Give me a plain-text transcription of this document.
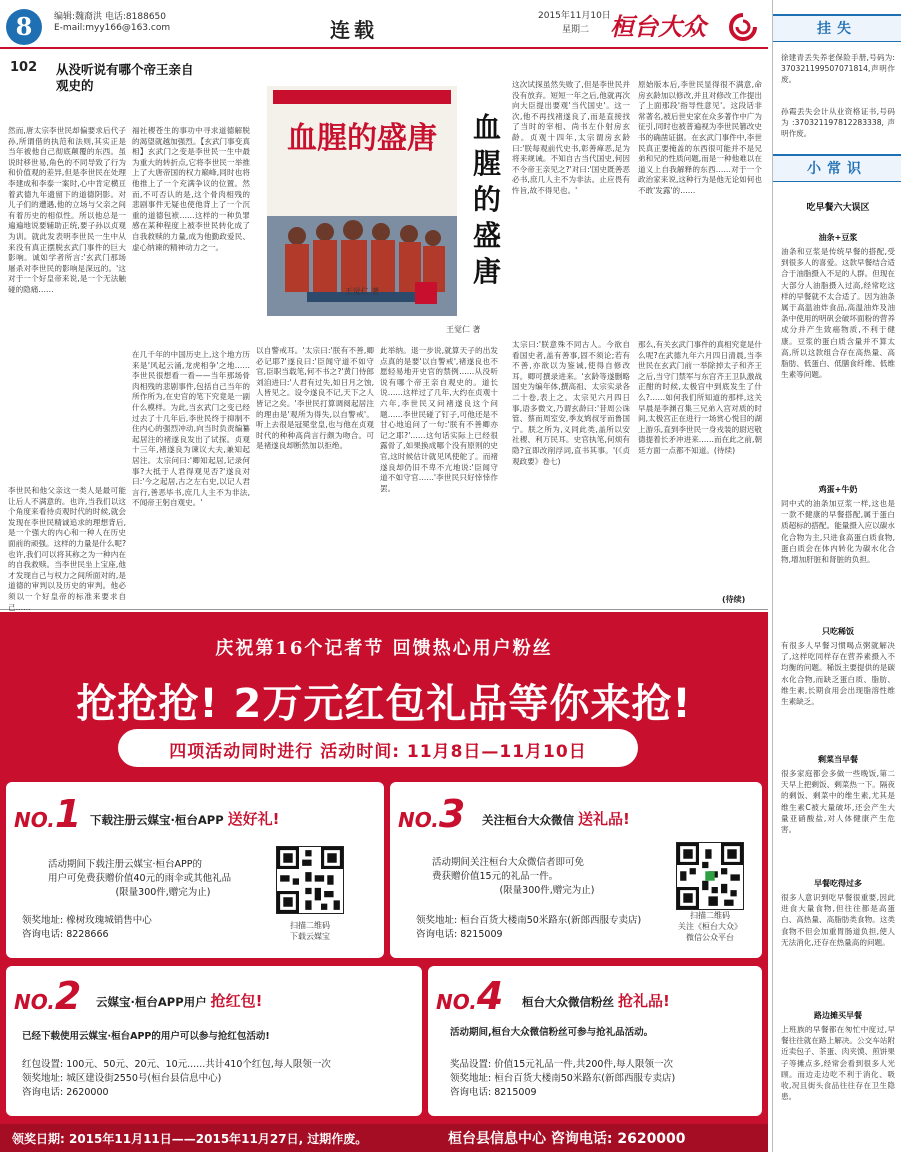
8	编辑:魏裔洪 电话:8188650
E-mail:myy166@163.com	连载
2015年11月10日
星期二 桓台大众
102 从没听说有哪个帝王亲自
观史的
然而,唐太宗李世民却偏要求后代子孙,所谓借的执范和法则,其实正是当年被他自己彻底颠覆的东西。虽说时移世易,角色的不同导致了行为和价值观的差异,但是李世民在处理李建成和李泰一案时,心中肯定横亘着武德九年遗留下的道德阴影。对儿子们的遭遇,他的立场与父亲之间有着历史的相似性。所以他总是一遍遍地说要辅助正统,要子孙以贞观为训。就此发表明李世民一生中从来没有真正摆脱玄武门事件的巨大影响。诚如学者所言:'玄武门那场屠杀对李世民的影响是深远的。'这对于一个好皇帝来说,是一个无法触碰的隐痛……
李世民和他父亲这一类人是最可能让后人不满意的。也许,当我们以这个角度来看待贞观时代的时候,就会发现在李世民精诚追求的理想背后,是一个强大的内心和一种人在历史面前的顽强。这样的力量是什么呢?也许,我们可以将其称之为一种内在的自我救赎。当李世民坐上宝座,他才发现自己与权力之间所面对的,是道德的审判以及历史的审判。他必须以一个好皇帝的标准来要求自己……
福社稷苍生的事功中寻求道德解脱的渴望就越加强烈。【玄武门事变真相】玄武门之变是李世民一生中最为重大的转折点,它将李世民一举推上了大唐帝国的权力巅峰,同时也将他推上了一个充满争议的位置。然而,不可否认的是,这个骨肉相残的悲剧事件无疑也使他背上了一个沉重的道德包袱……这样的一种负罪感在某种程度上被李世民转化成了自我救赎的力量,成为他勤政爱民、虚心纳谏的精神动力之一。
在几千年的中国历史上,这个地方历来是'风起云涌,龙虎相争'之地……李世民很想看一看——当年那场骨肉相残的悲剧事件,包括自己当年的所作所为,在史官的笔下究竟是一副什么模样。为此,当玄武门之变已经过去了十几年后,李世民终于抑制不住内心的强烈冲动,向当时负责编纂起居注的褚遂良发出了试探。贞观十三年,褚遂良为谏议大夫,兼知起居注。太宗问曰:'卿知起居,记录何事?大抵于人君得观见否?'遂良对曰:'今之起居,古之左右史,以记人君言行,善恶毕书,庶几人主不为非法,不闻帝王躬自观史。'
以自警戒耳。'太宗曰:'朕有不善,卿必记耶?'遂良曰:'臣闻守道不如守官,臣职当载笔,何不书之?'黄门侍郎刘洎进曰:'人君有过失,如日月之蚀,人皆见之。设令遂良不记,天下之人皆记之矣。'李世民打算调阅起居注的理由是'观所为得失,以自警戒'。听上去很是冠冕堂皇,也与他在贞观时代的种种高尚言行颇为吻合。可是褚遂良却断然加以拒绝。
此举纳。退一步说,就算天子的出发点真的是要'以自警戒',褚遂良也不愿轻易地开史官的禁例……从没听说有哪个帝王亲自观史的。道长说……这样过了几年,大约在贞观十六年,李世民又问褚遂良这个问题……李世民碰了钉子,可他还是不甘心地追问了一句:'朕有不善卿亦记之耶?'……这句话实际上已经很露骨了,如果换成哪个没有原则的史官,这时候估计就见风使舵了。而褚遂良却仍旧不卑不亢地说:'臣闻守道不如守官……'李世民只好悻悻作罢。
这次试探虽然失败了,但是李世民并没有放弃。短短一年之后,他就再次向大臣提出要观'当代国史'。这一次,他不再找褚遂良了,而是直接找了当时的宰相、尚书左仆射房玄龄。贞观十四年,太宗谓房玄龄曰:'朕每观前代史书,彰善瘅恶,足为将来规诫。不知自古当代国史,何因不令帝王亲见之?'对曰:'国史既善恶必书,庶几人主不为非法。止应畏有忤旨,故不得见也。'
太宗曰:'朕意殊不同古人。今欲自看国史者,盖有善事,固不须论;若有不善,亦欲以为鉴诫,使得自修改耳。卿可撰录进来。'玄龄等遂删略国史为编年体,撰高祖、太宗实录各二十卷,表上之。太宗见六月四日事,语多微文,乃谓玄龄曰:'昔周公诛管、蔡而周室安,季友鸩叔牙而鲁国宁。朕之所为,义同此类,盖所以安社稷、利万民耳。史官执笔,何烦有隐?宜即改削浮词,直书其事。'(《贞观政要》卷七)
原始版本后,李世民显得很不满意,命房玄龄加以修改,并且对修改工作提出了上面那段'指导性意见'。这段话非常著名,被后世史家在众多著作中广为征引,同时也被普遍视为李世民篡改史书的确凿证据。在玄武门事件中,李世民真正要掩盖的东西很可能并不是兄弟和兄的性质问题,而是一种他难以在道义上自我解释的东西……对于一个政治家来说,这种行为是他无论如何也不敢'发露'的……
那么,有关玄武门事件的真相究竟是什么呢?在武德九年六月四日清晨,当李世民在玄武门前一举除掉太子和齐王之后,当守门禁军与东宫齐王卫队激战正酣的时候,太极宫中到底发生了什么?……如何我们所知道的那样,这关早晨是李渊召集三兄弟入宫对质的时间,太极宫正在进行一场赏心悦目的湖上游乐,直到李世民一身戎装的尉迟敬德提着长矛冲进来……而在此之前,朝廷方面一点都不知道。(待续)
(待续)
血腥的盛唐
王觉仁 著
血腥的盛唐
王觉仁 著
挂失
徐建青丢失养老保险手册,号码为:370321199507071814,声明作废。
孙霞丢失会计从业资格证书,号码为:370321197812283338,声明作废。
小常识
吃早餐六大误区
油条+豆浆
油条和豆浆是传统早餐的搭配,受到很多人的喜爱。这款早餐结合适合于油脂摄入不足的人群。但现在大部分人油脂摄入过高,经常吃这样的早餐就不太合适了。因为油条属于高温油炸食品,高温油炸及油条中使用的明矾会破坏面粉的营养成分并产生致癌物质,不利于健康。豆浆的蛋白质含量并不算太高,所以这款组合存在高热量、高脂肪、低蛋白、低膳食纤维、低维生素等问题。
鸡蛋+牛奶
同中式的油条加豆浆一样,这也是一款不健康的早餐搭配,属于蛋白质超标的搭配。能量摄入应以碳水化合物为主,只进食高蛋白质食物,蛋白质会在体内转化为碳水化合物,增加肝脏和肾脏的负担。
只吃稀饭
有很多人早餐习惯喝点粥就解决了,这样吃同样存在营养素摄入不均衡的问题。稀饭主要提供的是碳水化合物,而缺乏蛋白质、脂肪、维生素,长期食用会出现脂溶性维生素缺乏。
剩菜当早餐
很多家庭都会多做一些晚饭,第二天早上把剩饭、剩菜热一下。隔夜的剩饭、剩菜中的维生素,尤其是维生素C被大量破坏,还会产生大量亚硝酸盐,对人体健康产生危害。
早餐吃得过多
很多人意识到吃早餐很重要,因此进食大量食物,但往往都是高蛋白、高热量、高脂肪类食物。这类食物不但会加重胃肠道负担,使人无法消化,还存在热量高的问题。
路边摊买早餐
上班族的早餐都在匆忙中度过,早餐往往就在路上解决。公交车站附近卖包子、茶蛋、肉夹馍、煎饼果子等摊点多,经常会看到很多人光顾。而边走边吃不利于消化、吸收,况且街头食品往往存在卫生隐患。
庆祝第16个记者节 回馈热心用户粉丝
抢抢抢! 2万元红包礼品等你来抢!
四项活动同时进行 活动时间: 11月8日—11月10日
NO.1 下载注册云媒宝·桓台APP 送好礼!
活动期间下载注册云媒宝·桓台APP的
用户可免费获赠价值40元的雨伞或其他礼品
(限量300件,赠完为止)
领奖地址: 橡树玫瑰城销售中心
咨询电话: 8228666
扫描二维码
下载云媒宝
NO.3 关注桓台大众微信 送礼品!
活动期间关注桓台大众微信者即可免
费获赠价值15元的礼品一件。
(限量300件,赠完为止)
领奖地址: 桓台百货大楼南50米路东(新郎西服专卖店)
咨询电话: 8215009
扫描二维码
关注《桓台大众》
微信公众平台
NO.2 云媒宝·桓台APP用户 抢红包!
已经下载使用云媒宝·桓台APP的用户可以参与抢红包活动!
红包设置: 100元、50元、20元、10元......共计410个红包,每人限领一次
领奖地址: 城区建设街2550号(桓台县信息中心)
咨询电话: 2620000
NO.4 桓台大众微信粉丝 抢礼品!
活动期间,桓台大众微信粉丝可参与抢礼品活动。
奖品设置: 价值15元礼品一件,共200件,每人限领一次
领奖地址: 桓台百货大楼南50米路东(新郎西服专卖店)
咨询电话: 8215009
领奖日期: 2015年11月11日——2015年11月27日, 过期作废。	桓台县信息中心 咨询电话: 2620000
